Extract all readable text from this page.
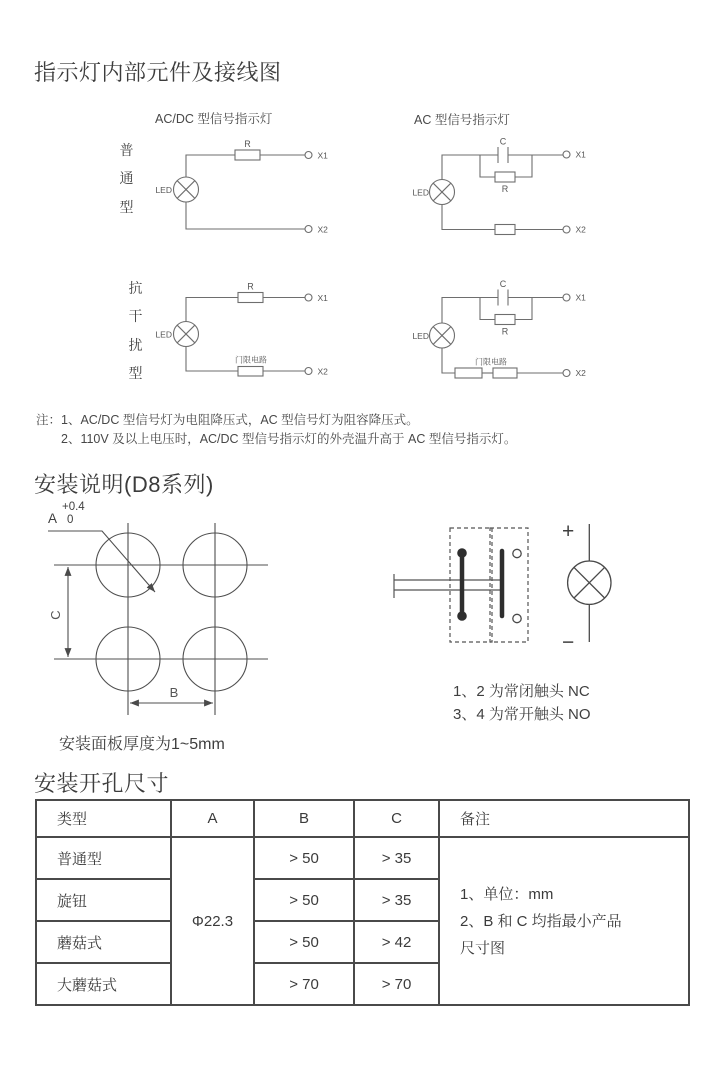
指示灯内部元件及接线图
AC/DC 型信号指示灯	AC 型信号指示灯
普通型
抗干扰型
LED
R
X1
X2
LED
C
R
X1
X2
LED
R
门限电路
X1
X2
LED
C
R
门限电路
X1
X2
注：1、AC/DC 型信号灯为电阻降压式，AC 型信号灯为阻容降压式。
2、110V 及以上电压时，AC/DC 型信号指示灯的外壳温升高于 AC 型信号指示灯。
安装说明(D8系列)
A
+0.4
0
C
B
+
−
1、2 为常闭触头 NC
3、4 为常开触头 NO
安装面板厚度为1~5mm
安装开孔尺寸
类型	A	B	C	备注
普通型	Φ22.3	> 50	> 35	1、单位：mm
2、B 和 C 均指最小产品尺寸图

旋钮		> 50	> 35	
蘑菇式		> 50	> 42	
大蘑菇式		> 70	> 70	
